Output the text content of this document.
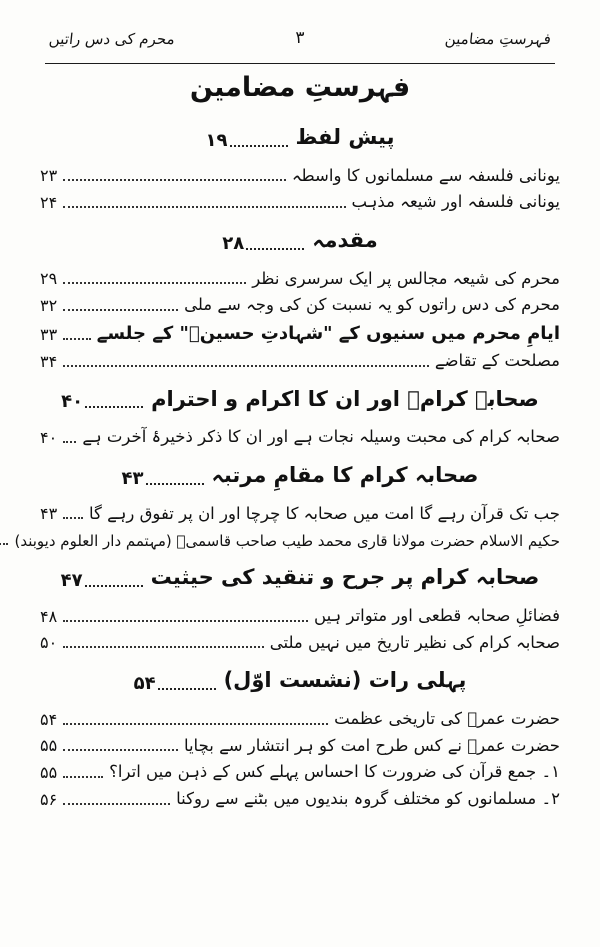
فہرستِ مضامین
۳
محرم کی دس راتیں
فہرستِ مضامین
پیش لفظ
۱۹
یونانی فلسفہ سے مسلمانوں کا واسطہ
۲۳
یونانی فلسفہ اور شیعہ مذہب
۲۴
مقدمہ
۲۸
محرم کی شیعہ مجالس پر ایک سرسری نظر
۲۹
محرم کی دس راتوں کو یہ نسبت کن کی وجہ سے ملی
۳۲
ایامِ محرم میں سنیوں کے "شہادتِ حسینؓ" کے جلسے
۳۳
مصلحت کے تقاضے
۳۴
صحابہ کرامؓ اور ان کا اکرام و احترام
۴۰
صحابہ کرام کی محبت وسیلہ نجات ہے اور ان کا ذکر ذخیرۂ آخرت ہے
۴۰
صحابہ کرام کا مقامِ مرتبہ
۴۳
جب تک قرآن رہے گا امت میں صحابہ کا چرچا اور ان پر تفوق رہے گا
۴۳
حکیم الاسلام حضرت مولانا قاری محمد طیب صاحب قاسمیؒ (مہتمم دار العلوم دیوبند)
صحابہ کرام پر جرح و تنقید کی حیثیت
۴۷
فضائلِ صحابہ قطعی اور متواتر ہیں
۴۸
صحابہ کرام کی نظیر تاریخ میں نہیں ملتی
۵۰
پہلی رات (نشست اوّل)
۵۴
حضرت عمرؓ کی تاریخی عظمت
۵۴
حضرت عمرؓ نے کس طرح امت کو ہر انتشار سے بچایا
۵۵
۱۔ جمع قرآن کی ضرورت کا احساس پہلے کس کے ذہن میں اترا؟
۵۵
۲۔ مسلمانوں کو مختلف گروہ بندیوں میں بٹنے سے روکنا
۵۶
